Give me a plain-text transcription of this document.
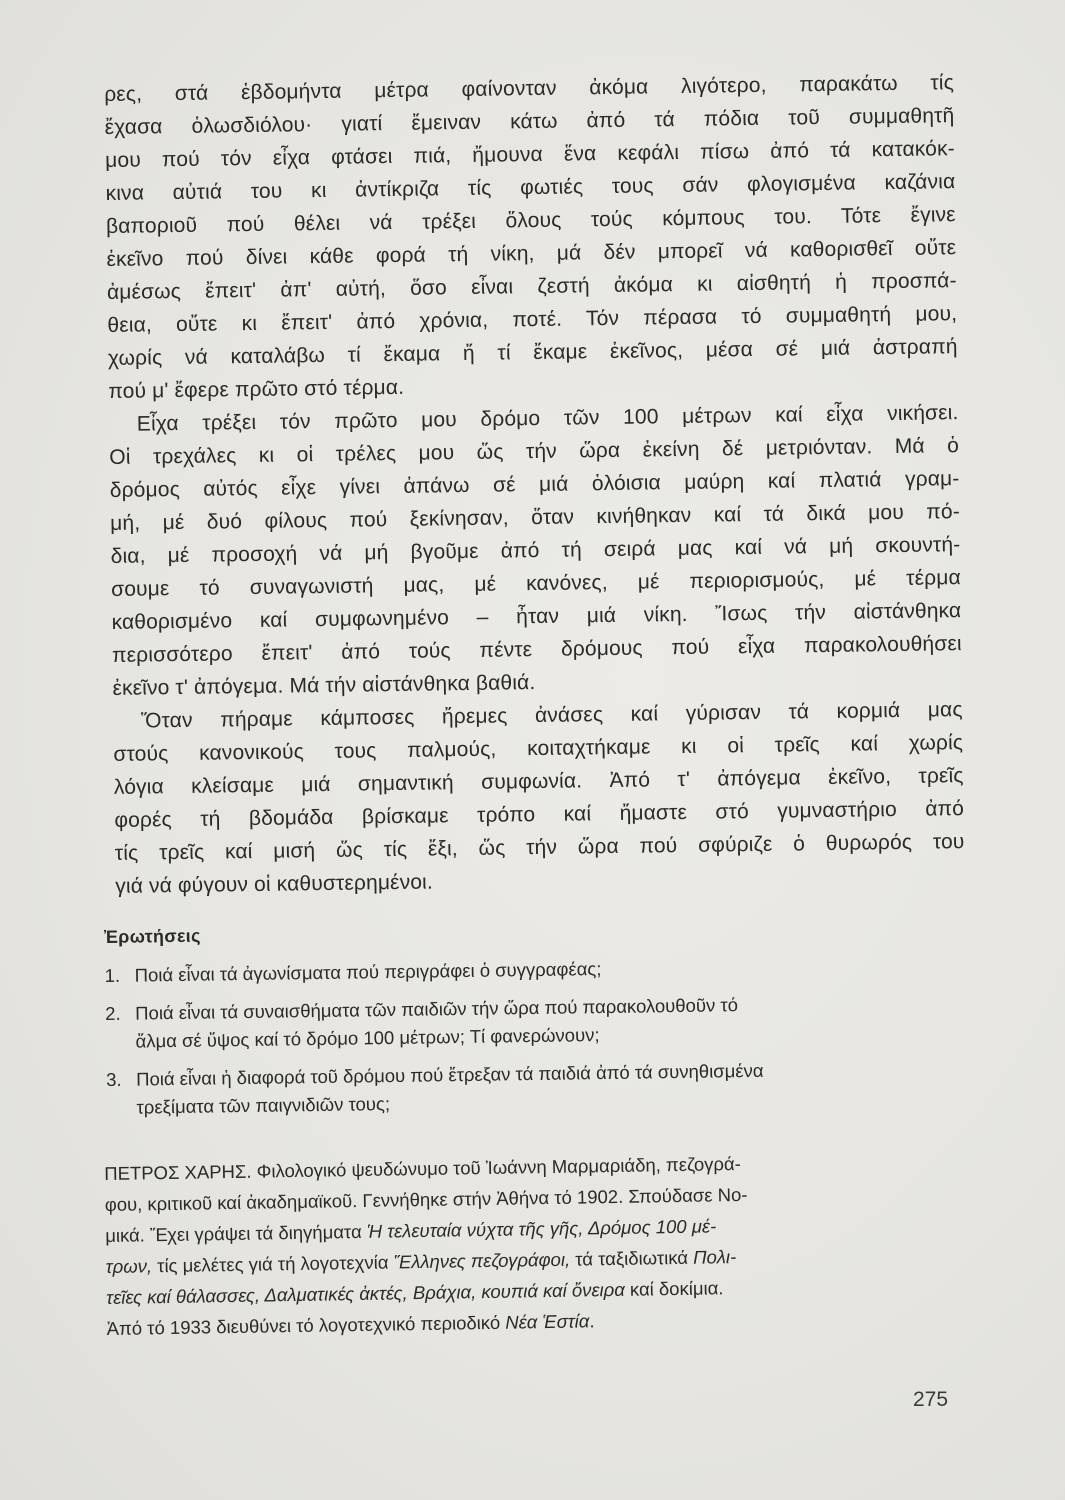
ρες, στά ἑβδομήντα μέτρα φαίνονταν ἀκόμα λιγότερο, παρακάτω τίς

ἔχασα ὁλωσδιόλου· γιατί ἔμειναν κάτω ἀπό τά πόδια τοῦ συμμαθητῆ

μου πού τόν εἶχα φτάσει πιά, ἤμουνα ἕνα κεφάλι πίσω ἀπό τά κατακόκ-

κινα αὐτιά του κι ἀντίκριζα τίς φωτιές τους σάν φλογισμένα καζάνια

βαποριοῦ πού θέλει νά τρέξει ὅλους τούς κόμπους του. Τότε ἔγινε

ἐκεῖνο πού δίνει κάθε φορά τή νίκη, μά δέν μπορεῖ νά καθορισθεῖ οὔτε

ἀμέσως ἔπειτ' ἀπ' αὐτή, ὅσο εἶναι ζεστή ἀκόμα κι αἰσθητή ἡ προσπά-

θεια, οὔτε κι ἔπειτ' ἀπό χρόνια, ποτέ. Τόν πέρασα τό συμμαθητή μου,

χωρίς νά καταλάβω τί ἔκαμα ἤ τί ἔκαμε ἐκεῖνος, μέσα σέ μιά ἀστραπή

πού μ' ἔφερε πρῶτο στό τέρμα.

Εἶχα τρέξει τόν πρῶτο μου δρόμο τῶν 100 μέτρων καί εἶχα νικήσει.

Οἱ τρεχάλες κι οἱ τρέλες μου ὥς τήν ὥρα ἐκείνη δέ μετριόνταν. Μά ὁ

δρόμος αὐτός εἶχε γίνει ἀπάνω σέ μιά ὁλόισια μαύρη καί πλατιά γραμ-

μή, μέ δυό φίλους πού ξεκίνησαν, ὅταν κινήθηκαν καί τά δικά μου πό-

δια, μέ προσοχή νά μή βγοῦμε ἀπό τή σειρά μας καί νά μή σκουντή-

σουμε τό συναγωνιστή μας, μέ κανόνες, μέ περιορισμούς, μέ τέρμα

καθορισμένο καί συμφωνημένο – ἦταν μιά νίκη. Ἴσως τήν αἰστάνθηκα

περισσότερο ἔπειτ' ἀπό τούς πέντε δρόμους πού εἶχα παρακολουθήσει

ἐκεῖνο τ' ἀπόγεμα. Μά τήν αἰστάνθηκα βαθιά.

Ὅταν πήραμε κάμποσες ἤρεμες ἀνάσες καί γύρισαν τά κορμιά μας

στούς κανονικούς τους παλμούς, κοιταχτήκαμε κι οἱ τρεῖς καί χωρίς

λόγια κλείσαμε μιά σημαντική συμφωνία. Ἀπό τ' ἀπόγεμα ἐκεῖνο, τρεῖς

φορές τή βδομάδα βρίσκαμε τρόπο καί ἤμαστε στό γυμναστήριο ἀπό

τίς τρεῖς καί μισή ὥς τίς ἔξι, ὥς τήν ὥρα πού σφύριζε ὁ θυρωρός του

γιά νά φύγουν οἱ καθυστερημένοι.

Ἐρωτήσεις
1. Ποιά εἶναι τά ἀγωνίσματα πού περιγράφει ὁ συγγραφέας;
2. Ποιά εἶναι τά συναισθήματα τῶν παιδιῶν τήν ὥρα πού παρακολουθοῦν τό
ἅλμα σέ ὕψος καί τό δρόμο 100 μέτρων; Τί φανερώνουν;
3. Ποιά εἶναι ἡ διαφορά τοῦ δρόμου πού ἔτρεξαν τά παιδιά ἀπό τά συνηθισμένα
τρεξίματα τῶν παιγνιδιῶν τους;

ΠΕΤΡΟΣ ΧΑΡΗΣ. Φιλολογικό ψευδώνυμο τοῦ Ἰωάννη Μαρμαριάδη, πεζογρά-

φου, κριτικοῦ καί ἀκαδημαϊκοῦ. Γεννήθηκε στήν Ἀθήνα τό 1902. Σπούδασε Νο-

μικά. Ἔχει γράψει τά διηγήματα Ἡ τελευταία νύχτα τῆς γῆς, Δρόμος 100 μέ-

τρων, τίς μελέτες γιά τή λογοτεχνία Ἕλληνες πεζογράφοι, τά ταξιδιωτικά Πολι-

τεῖες καί θάλασσες, Δαλματικές ἀκτές, Βράχια, κουπιά καί ὄνειρα καί δοκίμια.

Ἀπό τό 1933 διευθύνει τό λογοτεχνικό περιοδικό Νέα Ἑστία.

275
